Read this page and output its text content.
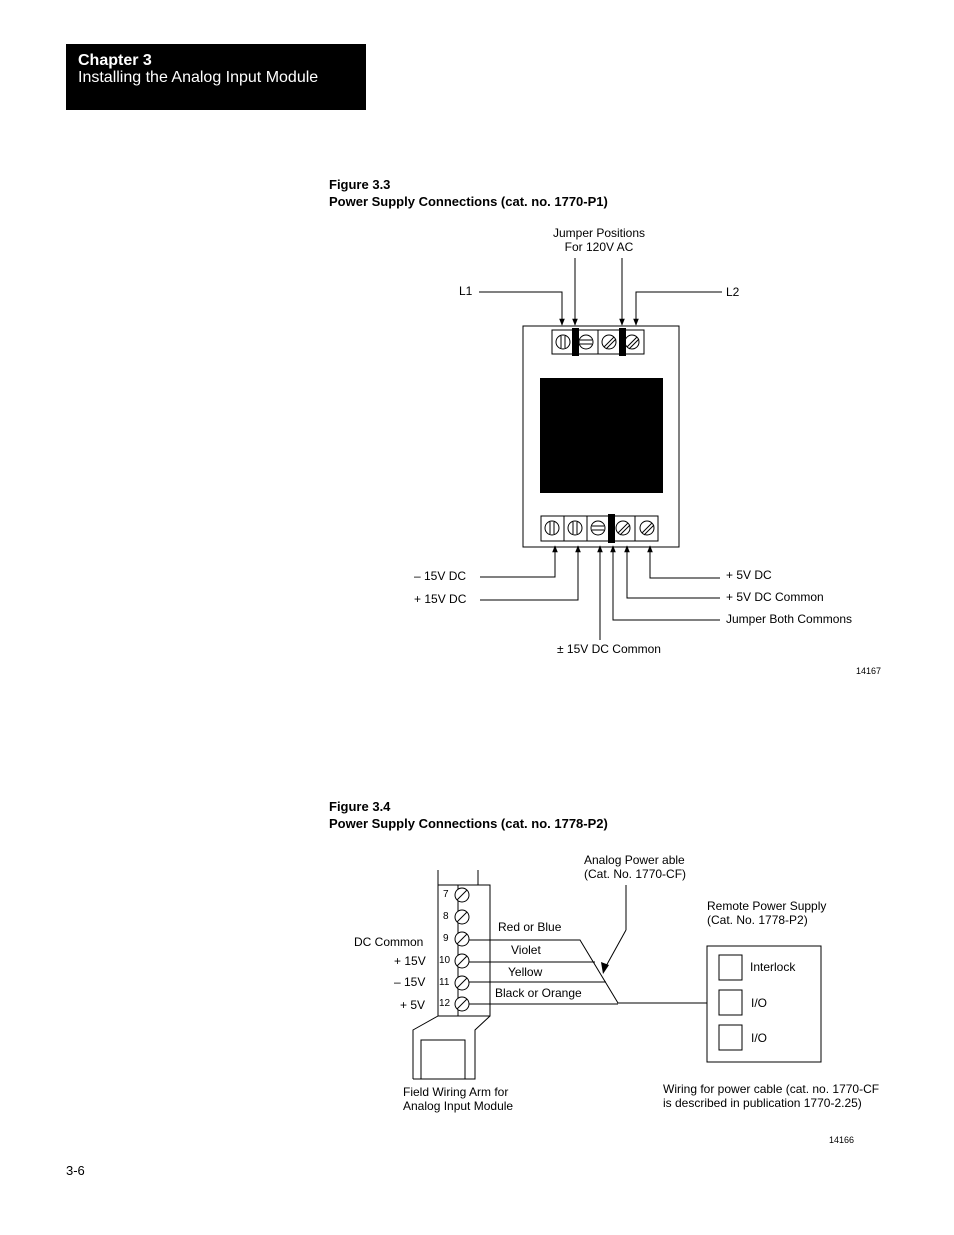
Chapter 3
Installing the Analog Input Module
Figure 3.3
Power Supply Connections (cat. no. 1770-P1)
Jumper Positions
For 120V AC
L1	L2
– 15V DC
+ 15V DC
+ 5V DC
+ 5V DC Common
Jumper Both Commons
± 15V DC Common
14167
Figure 3.4
Power Supply Connections (cat. no. 1778-P2)
Analog Power able
(Cat. No. 1770-CF)
Remote Power Supply
(Cat. No. 1778-P2)
7
8
9
10
11
12
DC Common
+ 15V
– 15V
+ 5V
Red or Blue
Violet
Yellow
Black or Orange
Interlock
I/O
I/O
Field Wiring Arm for
Analog Input Module
Wiring for power cable (cat. no. 1770-CF
is described in publication 1770-2.25)
14166
3-6
